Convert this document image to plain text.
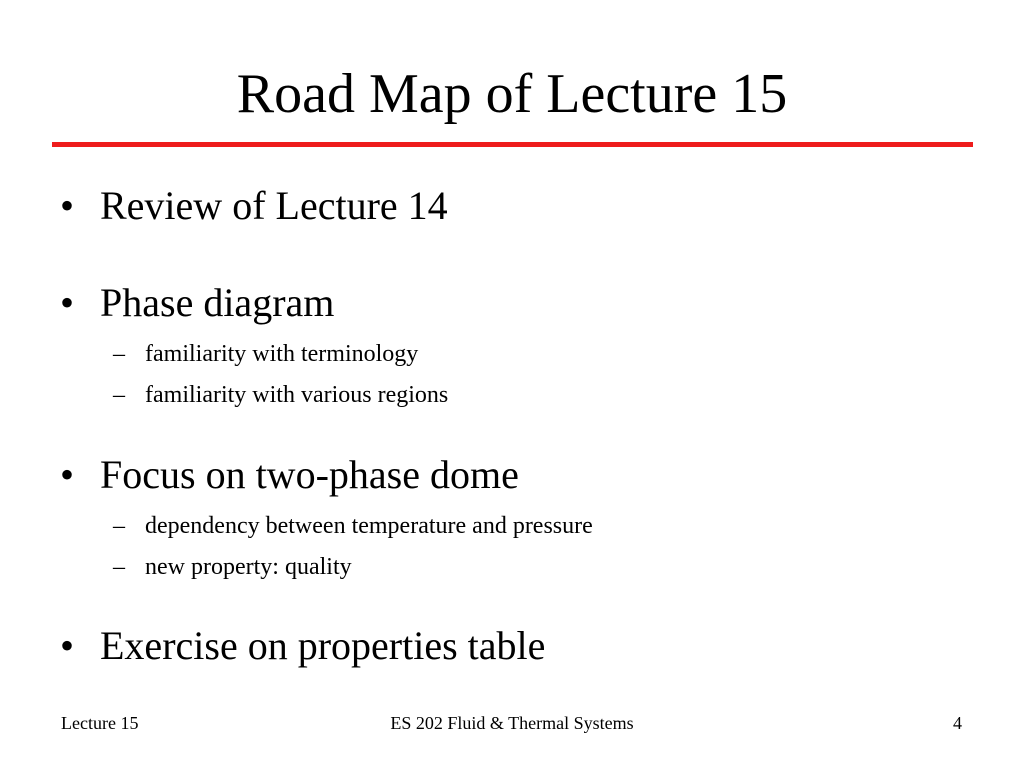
Road Map of Lecture 15
• Review of Lecture 14
• Phase diagram
– familiarity with terminology
– familiarity with various regions
• Focus on two-phase dome
– dependency between temperature and pressure
– new property: quality
• Exercise on properties table
Lecture 15	ES 202 Fluid & Thermal Systems	4
